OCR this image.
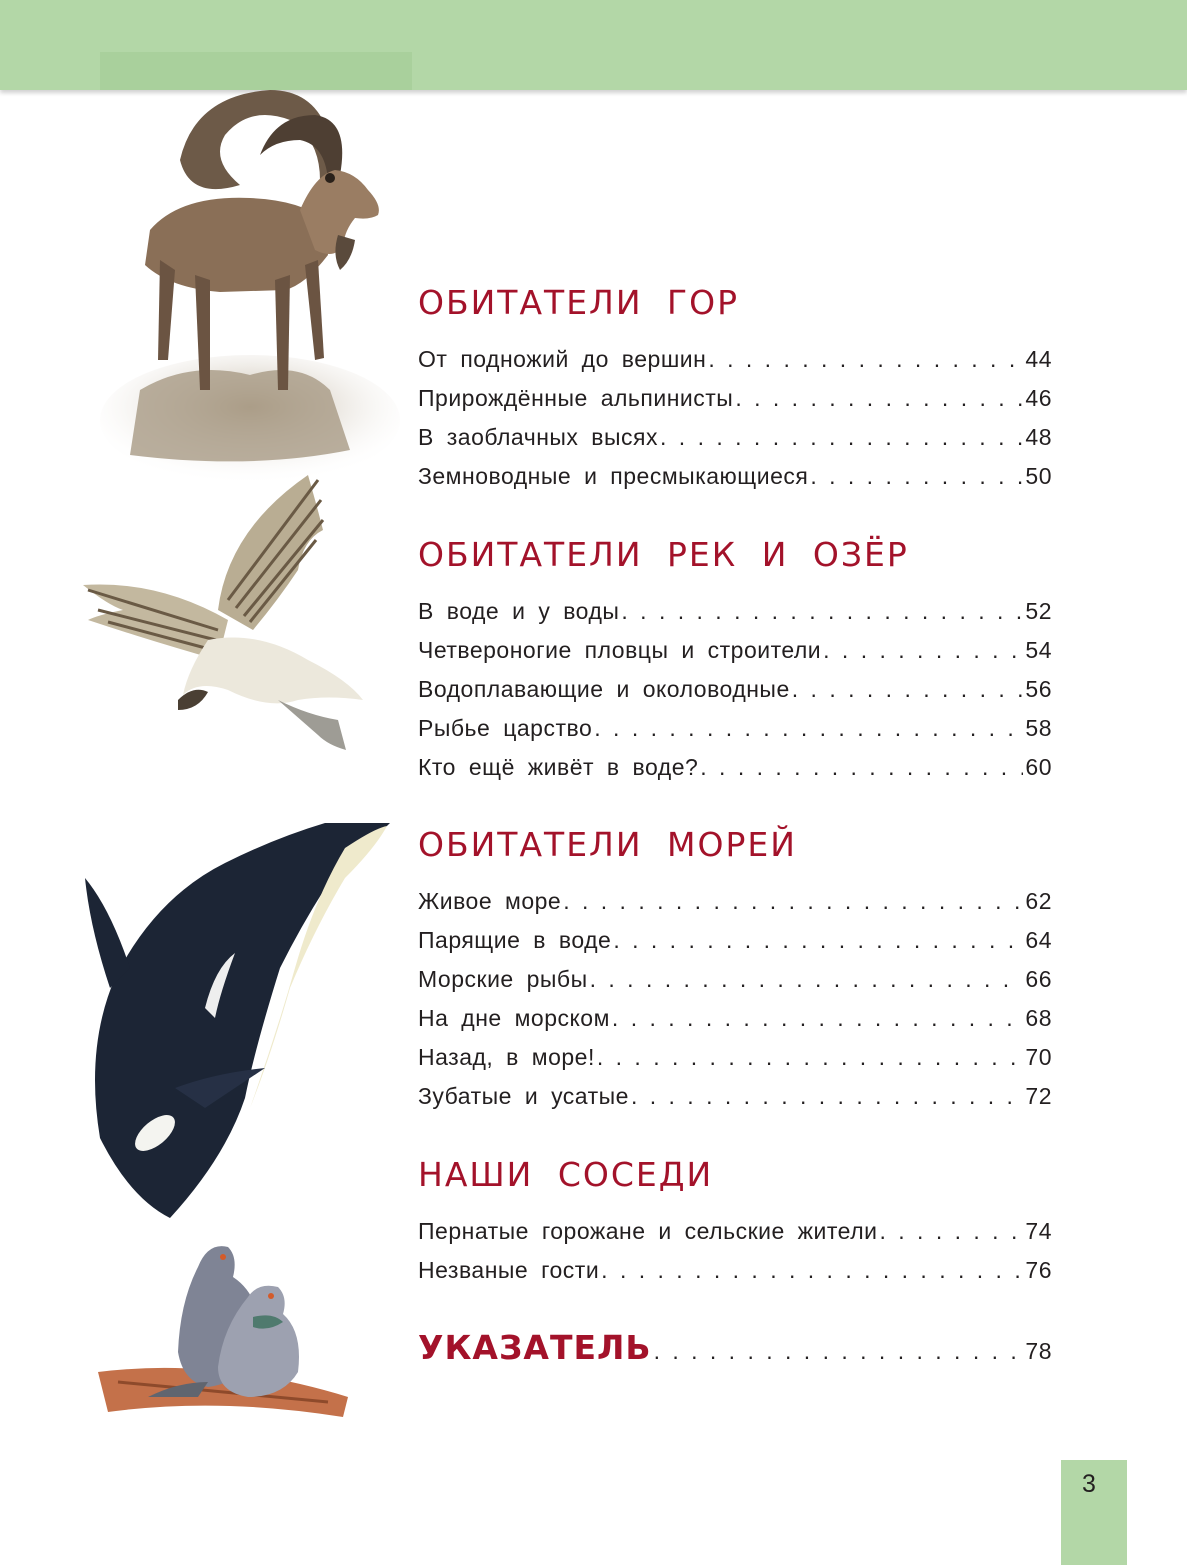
ОБИТАТЕЛИ ГОР
От подножий до вершин . . .	44
Прирождённые альпинисты . . .	46
В заоблачных высях . . .	48
Земноводные и пресмыкающиеся . . .	50
ОБИТАТЕЛИ РЕК И ОЗЁР
В воде и у воды . . .	52
Четвероногие пловцы и строители . . .	54
Водоплавающие и околоводные . . .	56
Рыбье царство . . .	58
Кто ещё живёт в воде? . . .	60
ОБИТАТЕЛИ МОРЕЙ
Живое море . . .	62
Парящие в воде . . .	64
Морские рыбы . . .	66
На дне морском . . .	68
Назад, в море! . . .	70
Зубатые и усатые . . .	72
НАШИ СОСЕДИ
Пернатые горожане и сельские жители . . .	74
Незваные гости . . .	76
УКАЗАТЕЛЬ . . .	78
3
